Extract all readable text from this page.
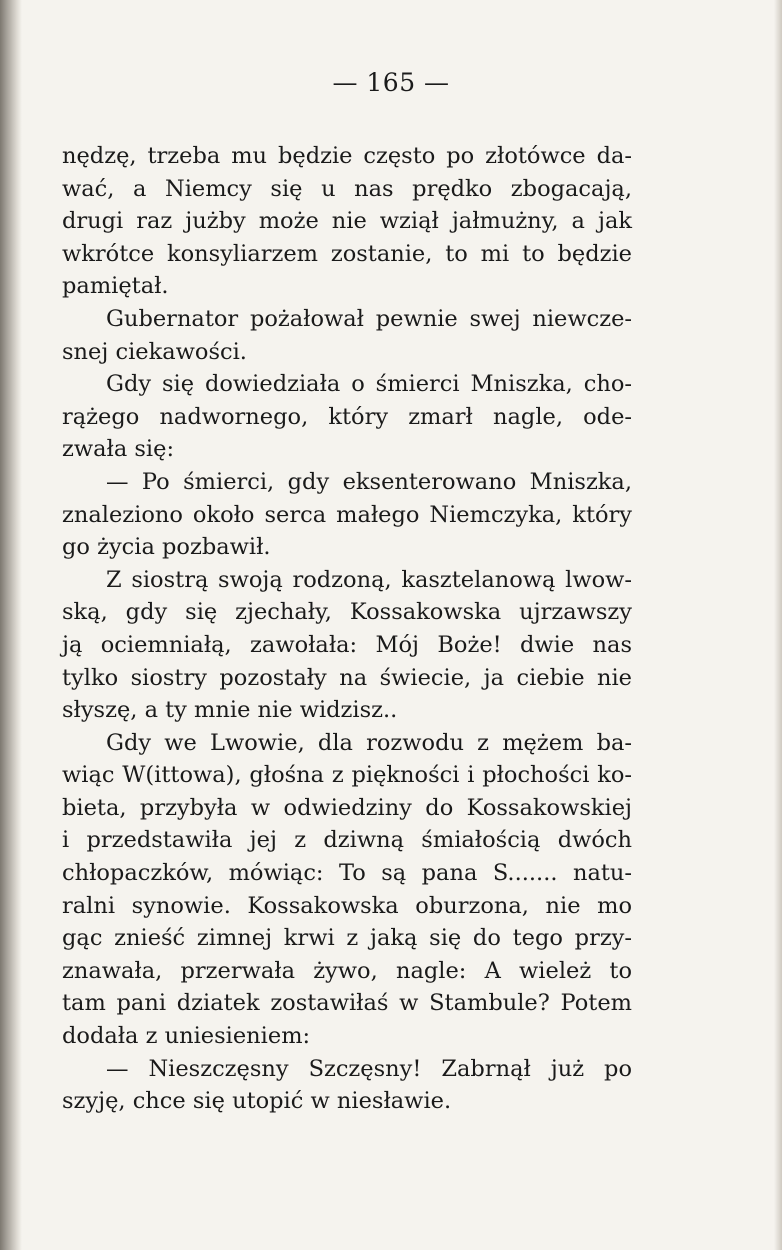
— 165 —
nędzę, trzeba mu będzie często po złotówce da-
wać, a Niemcy się u nas prędko zbogacają,
drugi raz jużby może nie wziął jałmużny, a jak
wkrótce konsyliarzem zostanie, to mi to będzie
pamiętał.
Gubernator pożałował pewnie swej niewcze-
snej ciekawości.
Gdy się dowiedziała o śmierci Mniszka, cho-
rążego nadwornego, który zmarł nagle, ode-
zwała się:
— Po śmierci, gdy eksenterowano Mniszka,
znaleziono około serca małego Niemczyka, który
go życia pozbawił.
Z siostrą swoją rodzoną, kasztelanową lwow-
ską, gdy się zjechały, Kossakowska ujrzawszy
ją ociemniałą, zawołała: Mój Boże! dwie nas
tylko siostry pozostały na świecie, ja ciebie nie
słyszę, a ty mnie nie widzisz..
Gdy we Lwowie, dla rozwodu z mężem ba-
wiąc W(ittowa), głośna z piękności i płochości ko-
bieta, przybyła w odwiedziny do Kossakowskiej
i przedstawiła jej z dziwną śmiałością dwóch
chłopaczków, mówiąc: To są pana S....... natu-
ralni synowie. Kossakowska oburzona, nie mo
gąc znieść zimnej krwi z jaką się do tego przy-
znawała, przerwała żywo, nagle: A wieleż to
tam pani dziatek zostawiłaś w Stambule? Potem
dodała z uniesieniem:
— Nieszczęsny Szczęsny! Zabrnął już po
szyję, chce się utopić w niesławie.
